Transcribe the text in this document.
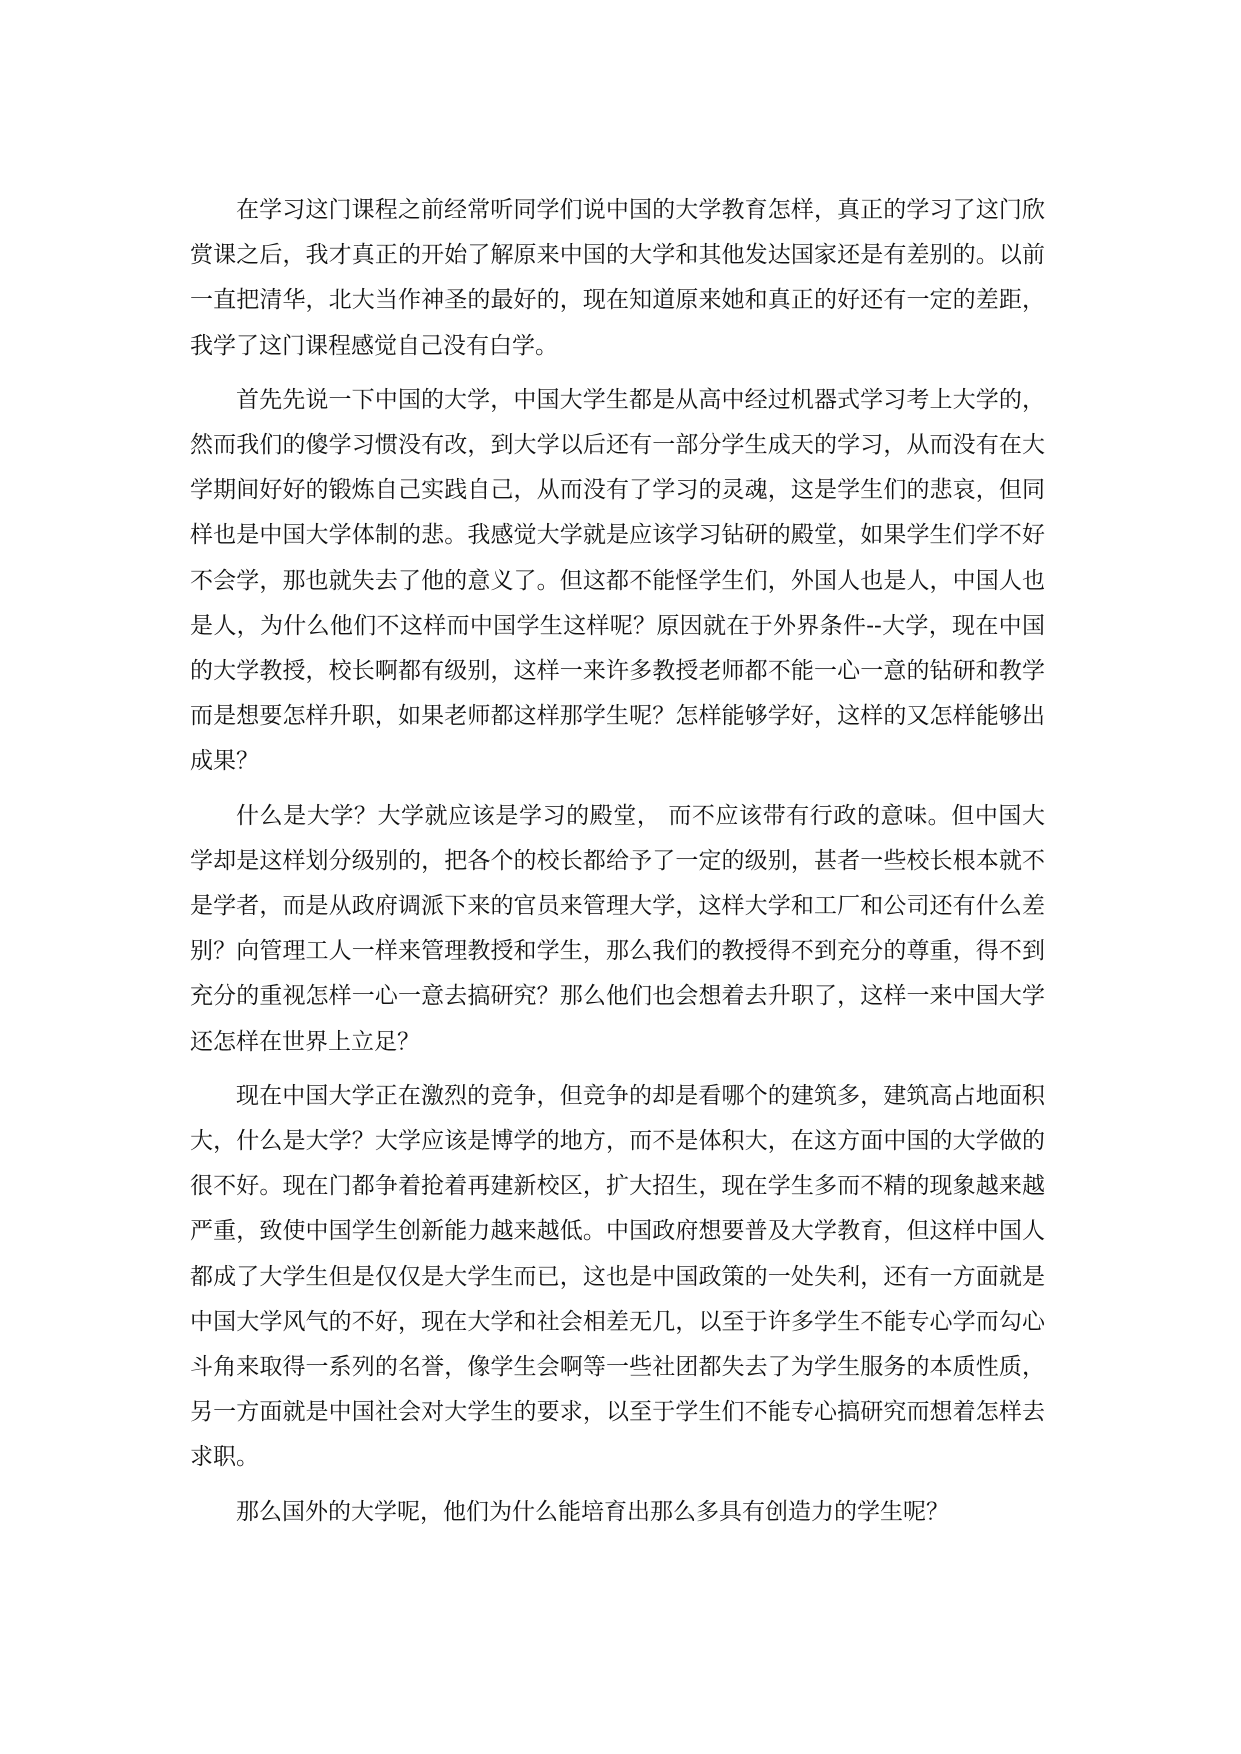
在学习这门课程之前经常听同学们说中国的大学教育怎样，真正的学习了这门欣赏课之后，我才真正的开始了解原来中国的大学和其他发达国家还是有差别的。以前一直把清华，北大当作神圣的最好的，现在知道原来她和真正的好还有一定的差距，我学了这门课程感觉自己没有白学。

首先先说一下中国的大学，中国大学生都是从高中经过机器式学习考上大学的，然而我们的傻学习惯没有改，到大学以后还有一部分学生成天的学习，从而没有在大学期间好好的锻炼自己实践自己，从而没有了学习的灵魂，这是学生们的悲哀，但同样也是中国大学体制的悲。我感觉大学就是应该学习钻研的殿堂，如果学生们学不好不会学，那也就失去了他的意义了。但这都不能怪学生们，外国人也是人，中国人也是人，为什么他们不这样而中国学生这样呢？原因就在于外界条件--大学，现在中国的大学教授，校长啊都有级别，这样一来许多教授老师都不能一心一意的钻研和教学而是想要怎样升职，如果老师都这样那学生呢？怎样能够学好，这样的又怎样能够出成果？

什么是大学？大学就应该是学习的殿堂， 而不应该带有行政的意味。但中国大学却是这样划分级别的，把各个的校长都给予了一定的级别，甚者一些校长根本就不是学者，而是从政府调派下来的官员来管理大学，这样大学和工厂和公司还有什么差别？向管理工人一样来管理教授和学生，那么我们的教授得不到充分的尊重，得不到充分的重视怎样一心一意去搞研究？那么他们也会想着去升职了，这样一来中国大学还怎样在世界上立足？

现在中国大学正在激烈的竞争，但竞争的却是看哪个的建筑多，建筑高占地面积大，什么是大学？大学应该是博学的地方，而不是体积大，在这方面中国的大学做的很不好。现在门都争着抢着再建新校区，扩大招生，现在学生多而不精的现象越来越严重，致使中国学生创新能力越来越低。中国政府想要普及大学教育，但这样中国人都成了大学生但是仅仅是大学生而已，这也是中国政策的一处失利，还有一方面就是中国大学风气的不好，现在大学和社会相差无几，以至于许多学生不能专心学而勾心斗角来取得一系列的名誉，像学生会啊等一些社团都失去了为学生服务的本质性质，另一方面就是中国社会对大学生的要求，以至于学生们不能专心搞研究而想着怎样去求职。

那么国外的大学呢，他们为什么能培育出那么多具有创造力的学生呢？
